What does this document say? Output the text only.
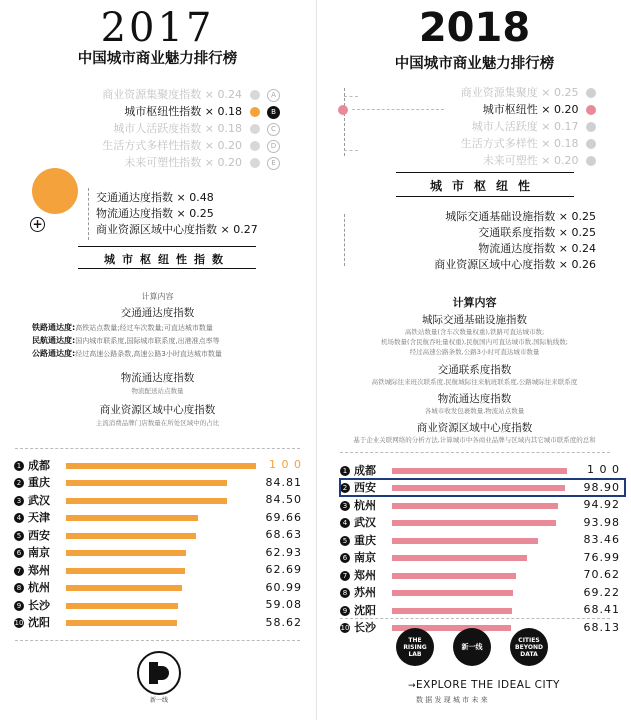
2017
中国城市商业魅力排行榜
商业资源集聚度指数 × 0.24	A
城市枢纽性指数 × 0.18	B
城市人活跃度指数 × 0.18	C
生活方式多样性指数 × 0.20	D
未来可塑性指数 × 0.20	E
+
交通通达度指数 × 0.48
物流通达度指数 × 0.25
商业资源区域中心度指数 × 0.27
城市枢纽性指数
计算内容
交通通达度指数
铁路通达度:高铁站点数量;经过车次数量;可直达城市数量
民航通达度:国内城市联系度,国际城市联系度,出港准点率等
公路通达度:经过高速公路条数,高速公路3小时直达城市数量
物流通达度指数
物流配送站点数量
商业资源区域中心度指数
主流消费品牌门店数量在所处区域中的占比
1 成都	1 0 0
2 重庆	84.81
3 武汉	84.50
4 天津	69.66
5 西安	68.63
6 南京	62.93
7 郑州	62.69
8 杭州	60.99
9 长沙	59.08
10 沈阳	58.62
新一线
2018
中国城市商业魅力排行榜
商业资源集聚度 × 0.25
城市枢纽性 × 0.20
城市人活跃度 × 0.17
生活方式多样性 × 0.18
未来可塑性 × 0.20
城市枢纽性
城际交通基础设施指数 × 0.25
交通联系度指数 × 0.25
物流通达度指数 × 0.24
商业资源区域中心度指数 × 0.26
计算内容
城际交通基础设施指数
高铁站数量(含车次数量权重),铁路可直达城市数;
机场数量(含民航吞吐量权重),民航国内可直达城市数,国际航线数;
经过高速公路条数,公路3小时可直达城市数量
交通联系度指数
高铁城际往来班次联系度,民航城际往来航班联系度,公路城际往来联系度
物流通达度指数
各城市收发包裹数量,物流站点数量
商业资源区域中心度指数
基于企业关联网络的分析方法,计算城市中各商业品牌与区域内其它城市联系度的总和
1 成都	1 0 0
2 西安	98.90
3 杭州	94.92
4 武汉	93.98
5 重庆	83.46
6 南京	76.99
7 郑州	70.62
8 苏州	69.22
9 沈阳	68.41
10 长沙	68.13
THE RISING LAB
新一线
CITIES BEYOND DATA
EXPLORE THE IDEAL CITY
→
数 据 发 现 城 市 未 来
